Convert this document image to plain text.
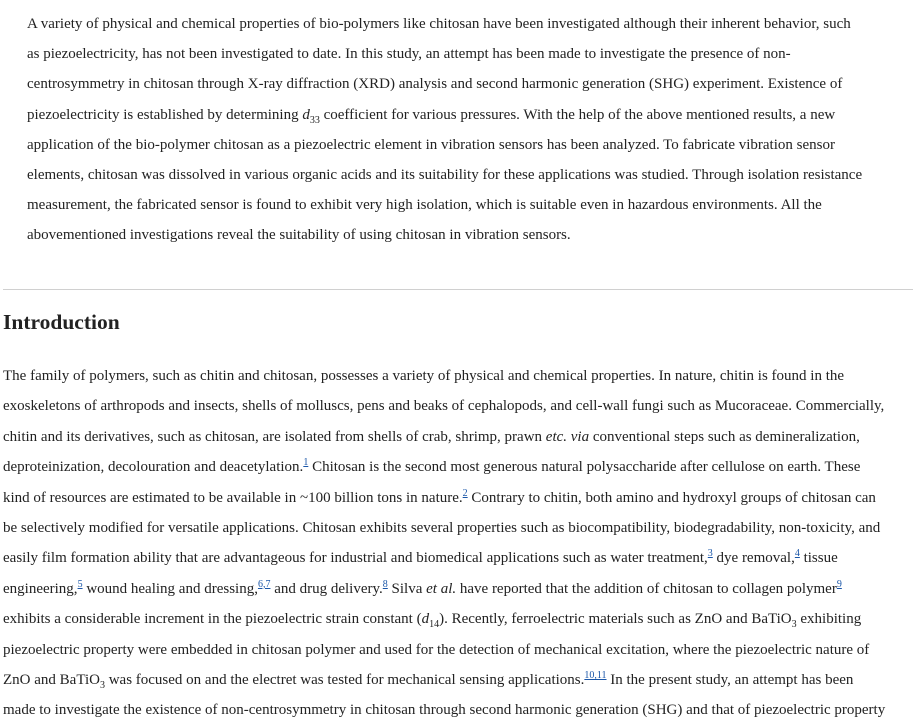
A variety of physical and chemical properties of bio-polymers like chitosan have been investigated although their inherent behavior, such
as piezoelectricity, has not been investigated to date. In this study, an attempt has been made to investigate the presence of non-
centrosymmetry in chitosan through X-ray diffraction (XRD) analysis and second harmonic generation (SHG) experiment. Existence of
piezoelectricity is established by determining $d_{33}$ coefficient for various pressures. With the help of the above mentioned results, a new
application of the bio-polymer chitosan as a piezoelectric element in vibration sensors has been analyzed. To fabricate vibration sensor
elements, chitosan was dissolved in various organic acids and its suitability for these applications was studied. Through isolation resistance
measurement, the fabricated sensor is found to exhibit very high isolation, which is suitable even in hazardous environments. All the
abovementioned investigations reveal the suitability of using chitosan in vibration sensors.
Introduction
The family of polymers, such as chitin and chitosan, possesses a variety of physical and chemical properties. In nature, chitin is found in the
exoskeletons of arthropods and insects, shells of molluscs, pens and beaks of cephalopods, and cell-wall fungi such as Mucoraceae. Commercially,
chitin and its derivatives, such as chitosan, are isolated from shells of crab, shrimp, prawn etc. via conventional steps such as demineralization,
deproteinization, decolouration and deacetylation.$^1$ Chitosan is the second most generous natural polysaccharide after cellulose on earth. These
kind of resources are estimated to be available in ~100 billion tons in nature.$^2$ Contrary to chitin, both amino and hydroxyl groups of chitosan can
be selectively modified for versatile applications. Chitosan exhibits several properties such as biocompatibility, biodegradability, non-toxicity, and
easily film formation ability that are advantageous for industrial and biomedical applications such as water treatment,$^3$ dye removal,$^4$ tissue
engineering,$^5$ wound healing and dressing,$^{6,7}$ and drug delivery.$^8$ Silva et al. have reported that the addition of chitosan to collagen polymer$^9$
exhibits a considerable increment in the piezoelectric strain constant $(d_{14})$. Recently, ferroelectric materials such as ZnO and BaTiO$_3$ exhibiting
piezoelectric property were embedded in chitosan polymer and used for the detection of mechanical excitation, where the piezoelectric nature of
ZnO and BaTiO$_3$ was focused on and the electret was tested for mechanical sensing applications.$^{10,11}$ In the present study, an attempt has been
made to investigate the existence of non-centrosymmetry in chitosan through second harmonic generation (SHG) and that of piezoelectric property
